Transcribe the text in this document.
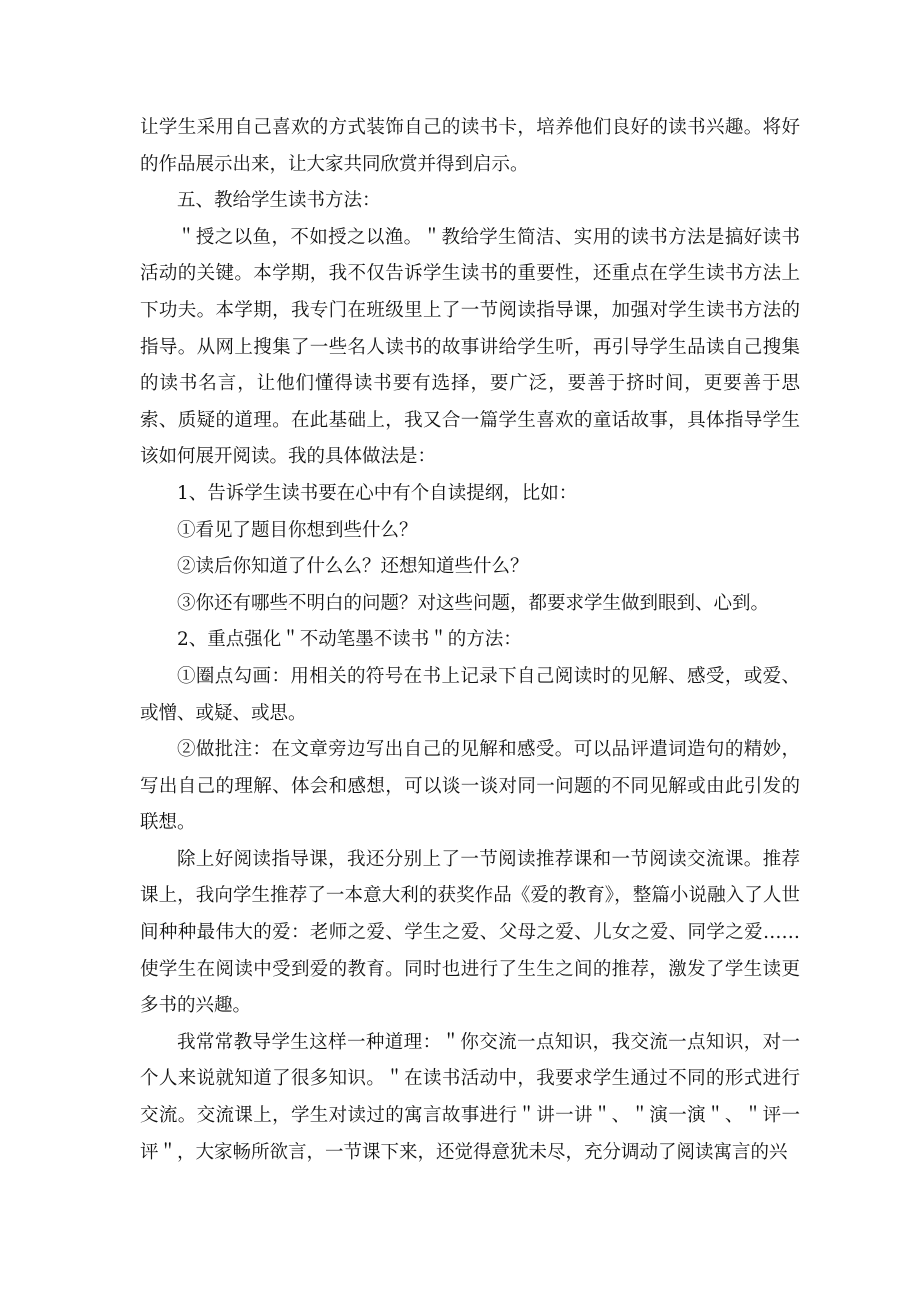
让学生采用自己喜欢的方式装饰自己的读书卡，培养他们良好的读书兴趣。将好的作品展示出来，让大家共同欣赏并得到启示。

五、教给学生读书方法：

＂授之以鱼，不如授之以渔。＂教给学生简洁、实用的读书方法是搞好读书活动的关键。本学期，我不仅告诉学生读书的重要性，还重点在学生读书方法上下功夫。本学期，我专门在班级里上了一节阅读指导课，加强对学生读书方法的指导。从网上搜集了一些名人读书的故事讲给学生听，再引导学生品读自己搜集的读书名言，让他们懂得读书要有选择，要广泛，要善于挤时间，更要善于思索、质疑的道理。在此基础上，我又合一篇学生喜欢的童话故事，具体指导学生该如何展开阅读。我的具体做法是：

1、告诉学生读书要在心中有个自读提纲，比如：

①看见了题目你想到些什么？

②读后你知道了什么么？还想知道些什么？

③你还有哪些不明白的问题？对这些问题，都要求学生做到眼到、心到。

2、重点强化＂不动笔墨不读书＂的方法：

①圈点勾画：用相关的符号在书上记录下自己阅读时的见解、感受，或爱、或憎、或疑、或思。

②做批注：在文章旁边写出自己的见解和感受。可以品评遣词造句的精妙，写出自己的理解、体会和感想，可以谈一谈对同一问题的不同见解或由此引发的联想。

除上好阅读指导课，我还分别上了一节阅读推荐课和一节阅读交流课。推荐课上，我向学生推荐了一本意大利的获奖作品《爱的教育》，整篇小说融入了人世间种种最伟大的爱：老师之爱、学生之爱、父母之爱、儿女之爱、同学之爱……使学生在阅读中受到爱的教育。同时也进行了生生之间的推荐，激发了学生读更多书的兴趣。

我常常教导学生这样一种道理：＂你交流一点知识，我交流一点知识，对一个人来说就知道了很多知识。＂在读书活动中，我要求学生通过不同的形式进行交流。交流课上，学生对读过的寓言故事进行＂讲一讲＂、＂演一演＂、＂评一评＂，大家畅所欲言，一节课下来，还觉得意犹未尽，充分调动了阅读寓言的兴
